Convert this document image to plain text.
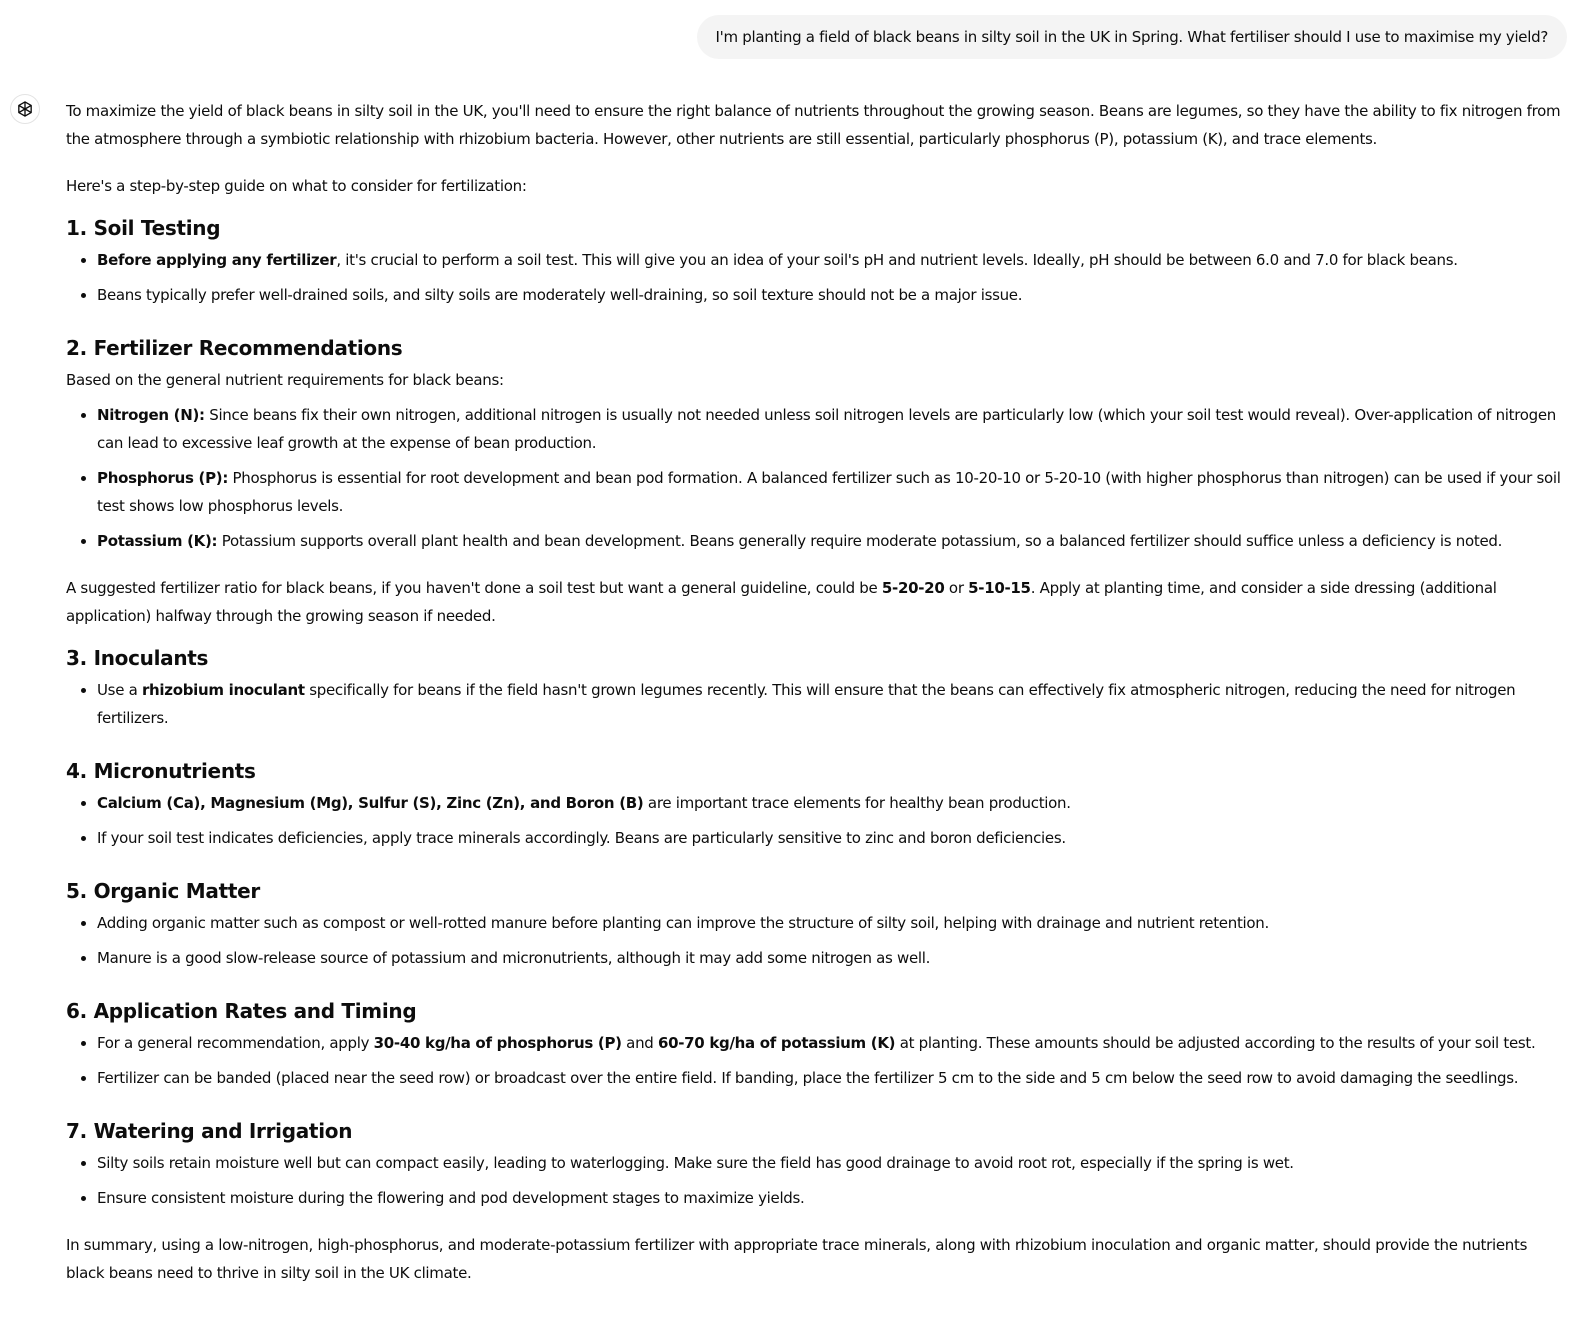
I'm planting a field of black beans in silty soil in the UK in Spring. What fertiliser should I use to maximise my yield?

To maximize the yield of black beans in silty soil in the UK, you'll need to ensure the right balance of nutrients throughout the growing season. Beans are legumes, so they have the ability to fix nitrogen from the atmosphere through a symbiotic relationship with rhizobium bacteria. However, other nutrients are still essential, particularly phosphorus (P), potassium (K), and trace elements.

Here's a step-by-step guide on what to consider for fertilization:

1. Soil Testing
• Before applying any fertilizer, it's crucial to perform a soil test. This will give you an idea of your soil's pH and nutrient levels. Ideally, pH should be between 6.0 and 7.0 for black beans.
• Beans typically prefer well-drained soils, and silty soils are moderately well-draining, so soil texture should not be a major issue.
2. Fertilizer Recommendations

Based on the general nutrient requirements for black beans:

• Nitrogen (N): Since beans fix their own nitrogen, additional nitrogen is usually not needed unless soil nitrogen levels are particularly low (which your soil test would reveal). Over-application of nitrogen can lead to excessive leaf growth at the expense of bean production.
• Phosphorus (P): Phosphorus is essential for root development and bean pod formation. A balanced fertilizer such as 10-20-10 or 5-20-10 (with higher phosphorus than nitrogen) can be used if your soil test shows low phosphorus levels.
• Potassium (K): Potassium supports overall plant health and bean development. Beans generally require moderate potassium, so a balanced fertilizer should suffice unless a deficiency is noted.

A suggested fertilizer ratio for black beans, if you haven't done a soil test but want a general guideline, could be 5-20-20 or 5-10-15. Apply at planting time, and consider a side dressing (additional application) halfway through the growing season if needed.

3. Inoculants
• Use a rhizobium inoculant specifically for beans if the field hasn't grown legumes recently. This will ensure that the beans can effectively fix atmospheric nitrogen, reducing the need for nitrogen fertilizers.
4. Micronutrients
• Calcium (Ca), Magnesium (Mg), Sulfur (S), Zinc (Zn), and Boron (B) are important trace elements for healthy bean production.
• If your soil test indicates deficiencies, apply trace minerals accordingly. Beans are particularly sensitive to zinc and boron deficiencies.
5. Organic Matter
• Adding organic matter such as compost or well-rotted manure before planting can improve the structure of silty soil, helping with drainage and nutrient retention.
• Manure is a good slow-release source of potassium and micronutrients, although it may add some nitrogen as well.
6. Application Rates and Timing
• For a general recommendation, apply 30-40 kg/ha of phosphorus (P) and 60-70 kg/ha of potassium (K) at planting. These amounts should be adjusted according to the results of your soil test.
• Fertilizer can be banded (placed near the seed row) or broadcast over the entire field. If banding, place the fertilizer 5 cm to the side and 5 cm below the seed row to avoid damaging the seedlings.
7. Watering and Irrigation
• Silty soils retain moisture well but can compact easily, leading to waterlogging. Make sure the field has good drainage to avoid root rot, especially if the spring is wet.
• Ensure consistent moisture during the flowering and pod development stages to maximize yields.

In summary, using a low-nitrogen, high-phosphorus, and moderate-potassium fertilizer with appropriate trace minerals, along with rhizobium inoculation and organic matter, should provide the nutrients black beans need to thrive in silty soil in the UK climate.
